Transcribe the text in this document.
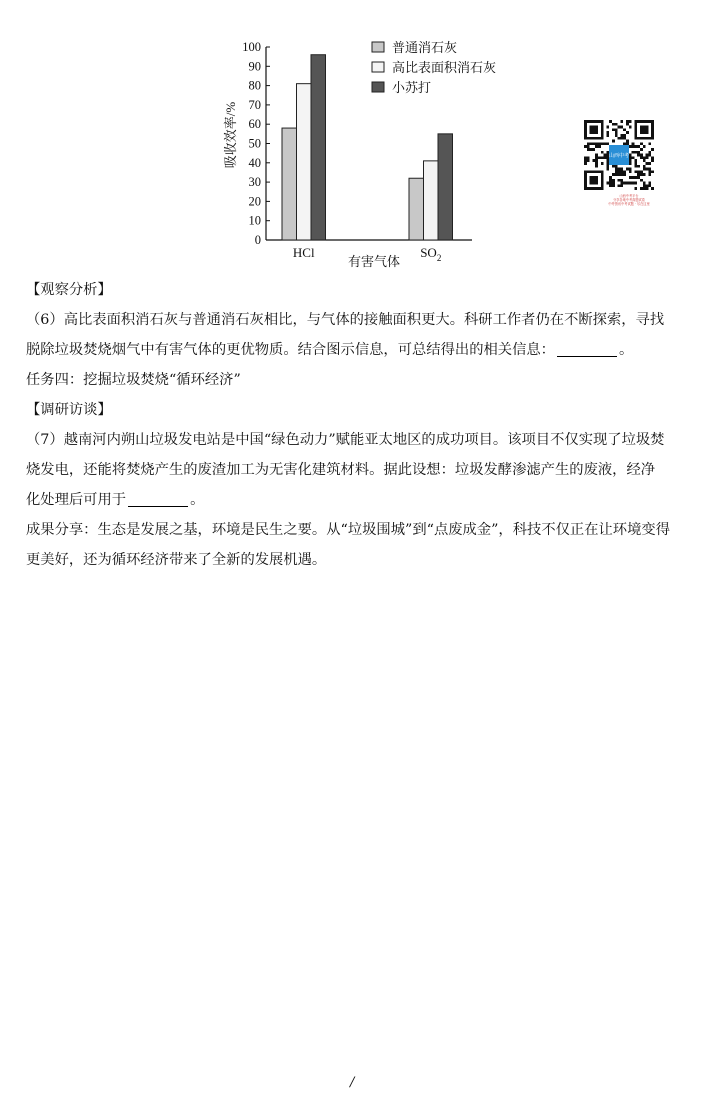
0
10
20
30
40
50
60
70
80
90
100
HCl	$SO_2$
普通消石灰
高比表面积消石灰
小苏打
吸收效率/%
有害气体
山西中考
山西中考平台
分享各地中考真题试卷
中考资讯中考试题 · 尽在这里
【观察分析】
（6）高比表面积消石灰与普通消石灰相比，与气体的接触面积更大。科研工作者仍在不断探索，寻找
脱除垃圾焚烧烟气中有害气体的更优物质。结合图示信息，可总结得出的相关信息：	。
任务四：挖掘垃圾焚烧“循环经济”
【调研访谈】
（7）越南河内朔山垃圾发电站是中国“绿色动力”赋能亚太地区的成功项目。该项目不仅实现了垃圾焚
烧发电，还能将焚烧产生的废渣加工为无害化建筑材料。据此设想：垃圾发酵渗滤产生的废液，经净
化处理后可用于	。
成果分享：生态是发展之基，环境是民生之要。从“垃圾围城”到“点废成金”，科技不仅正在让环境变得
更美好，还为循环经济带来了全新的发展机遇。
/
